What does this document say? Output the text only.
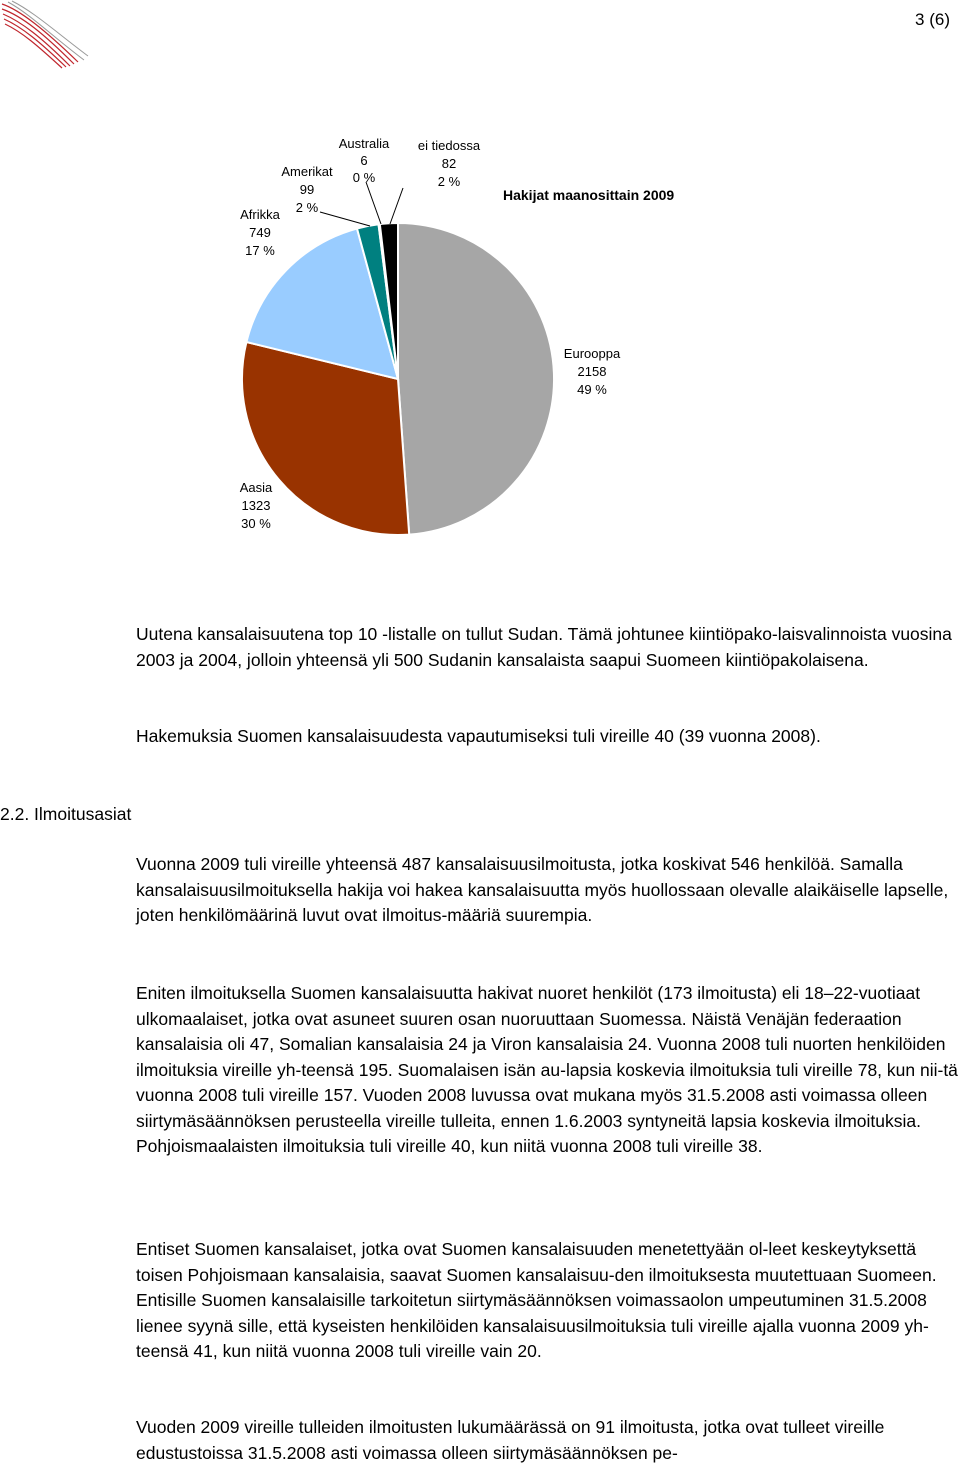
3 (6)
Hakijat maanosittain 2009
Afrikka
749
17 %
Amerikat
99
2 %
Australia
6
0 %
ei tiedossa
82
2 %
Eurooppa
2158
49 %
Aasia
1323
30 %

Uutena kansalaisuutena top 10 -listalle on tullut Sudan. Tämä johtunee kiintiöpako-laisvalinnoista vuosina 2003 ja 2004, jolloin yhteensä yli 500 Sudanin kansalaista saapui Suomeen kiintiöpakolaisena.

Hakemuksia Suomen kansalaisuudesta vapautumiseksi tuli vireille 40 (39 vuonna 2008).

2.2. Ilmoitusasiat

Vuonna 2009 tuli vireille yhteensä 487 kansalaisuusilmoitusta, jotka koskivat 546 henkilöä. Samalla kansalaisuusilmoituksella hakija voi hakea kansalaisuutta myös huollossaan olevalle alaikäiselle lapselle, joten henkilömäärinä luvut ovat ilmoitus-määriä suurempia.

Eniten ilmoituksella Suomen kansalaisuutta hakivat nuoret henkilöt (173 ilmoitusta) eli 18–22-vuotiaat ulkomaalaiset, jotka ovat asuneet suuren osan nuoruuttaan Suomessa. Näistä Venäjän federaation kansalaisia oli 47, Somalian kansalaisia 24 ja Viron kansalaisia 24. Vuonna 2008 tuli nuorten henkilöiden ilmoituksia vireille yh-teensä 195. Suomalaisen isän au-lapsia koskevia ilmoituksia tuli vireille 78, kun nii-tä vuonna 2008 tuli vireille 157. Vuoden 2008 luvussa ovat mukana myös 31.5.2008 asti voimassa olleen siirtymäsäännöksen perusteella vireille tulleita, ennen 1.6.2003 syntyneitä lapsia koskevia ilmoituksia. Pohjoismaalaisten ilmoituksia tuli vireille 40, kun niitä vuonna 2008 tuli vireille 38.

Entiset Suomen kansalaiset, jotka ovat Suomen kansalaisuuden menetettyään ol-leet keskeytyksettä toisen Pohjoismaan kansalaisia, saavat Suomen kansalaisuu-den ilmoituksesta muutettuaan Suomeen. Entisille Suomen kansalaisille tarkoitetun siirtymäsäännöksen voimassaolon umpeutuminen 31.5.2008 lienee syynä sille, että kyseisten henkilöiden kansalaisuusilmoituksia tuli vireille ajalla vuonna 2009 yh-teensä 41, kun niitä vuonna 2008 tuli vireille vain 20.

Vuoden 2009 vireille tulleiden ilmoitusten lukumäärässä on 91 ilmoitusta, jotka ovat tulleet vireille edustustoissa 31.5.2008 asti voimassa olleen siirtymäsäännöksen pe-
